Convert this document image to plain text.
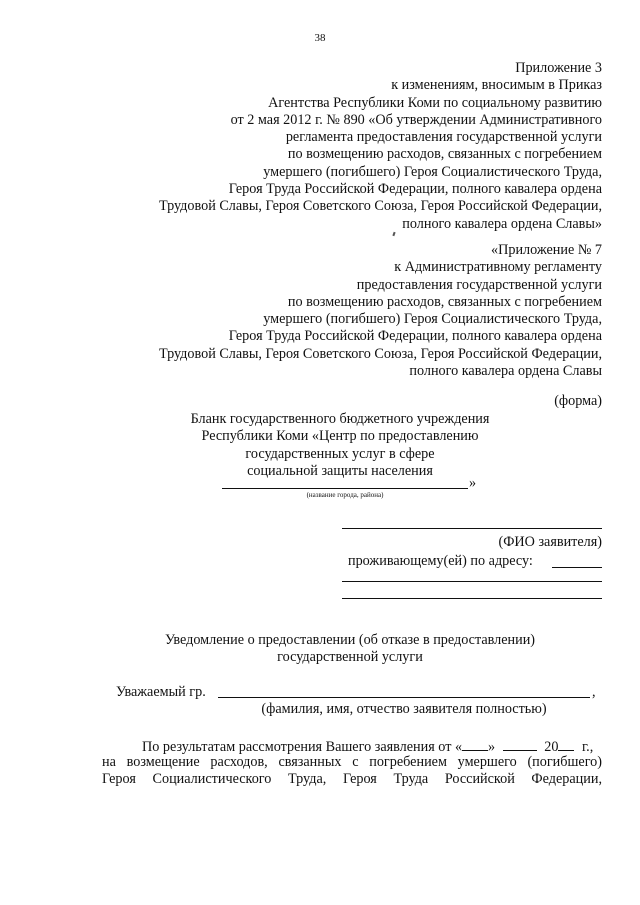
38
Приложение 3
к изменениям, вносимым в Приказ
Агентства Республики Коми по социальному развитию
от 2 мая 2012 г. № 890 «Об утверждении Административного
регламента предоставления государственной услуги
по возмещению расходов, связанных с погребением
умершего (погибшего) Героя Социалистического Труда,
Героя Труда Российской Федерации, полного кавалера ордена
Трудовой Славы, Героя Советского Союза, Героя Российской Федерации,
полного кавалера ордена Славы»
«Приложение № 7
к Административному регламенту
предоставления государственной услуги
по возмещению расходов, связанных с погребением
умершего (погибшего) Героя Социалистического Труда,
Героя Труда Российской Федерации, полного кавалера ордена
Трудовой Славы, Героя Советского Союза, Героя Российской Федерации,
полного кавалера ордена Славы
(форма)
Бланк государственного бюджетного учреждения
Республики Коми «Центр по предоставлению
государственных услуг в сфере
социальной защиты населения
»
(название города, района)
(ФИО заявителя)
проживающему(ей) по адресу:
Уведомление о предоставлении (об отказе в предоставлении)
государственной услуги
Уважаемый гр.	,
(фамилия, имя, отчество заявителя полностью)
По результатам рассмотрения Вашего заявления от « »	20 г.,
на возмещение расходов, связанных с погребением умершего (погибшего)
Героя Социалистического Труда, Героя Труда Российской Федерации,
